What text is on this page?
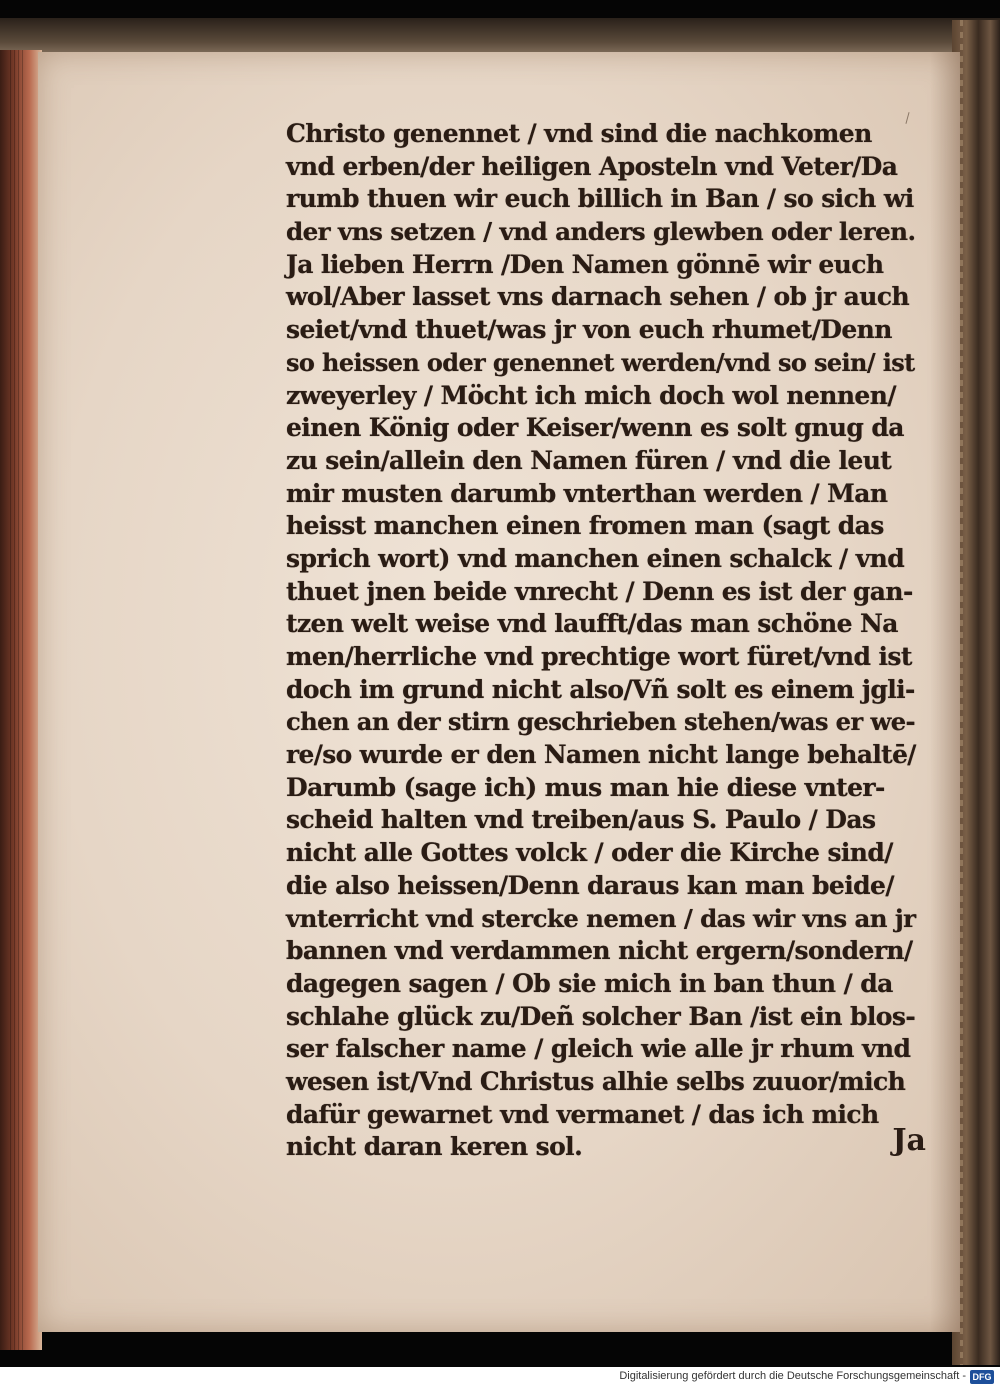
Christo genennet / vnd sind die nachkomen
vnd erben/der heiligen Aposteln vnd Veter/Da
rumb thuen wir euch billich in Ban / so sich wi
der vns setzen / vnd anders glewben oder leren.
Ja lieben Herrn /Den Namen gönnē wir euch
wol/Aber lasset vns darnach sehen / ob jr auch
seiet/vnd thuet/was jr von euch rhumet/Denn
so heissen oder genennet werden/vnd so sein/ ist
zweyerley / Möcht ich mich doch wol nennen/
einen König oder Keiser/wenn es solt gnug da
zu sein/allein den Namen füren / vnd die leut
mir musten darumb vnterthan werden / Man
heisst manchen einen fromen man (sagt das
sprich wort) vnd manchen einen schalck / vnd
thuet jnen beide vnrecht / Denn es ist der gan-
tzen welt weise vnd laufft/das man schöne Na
men/herrliche vnd prechtige wort füret/vnd ist
doch im grund nicht also/Vñ solt es einem jgli-
chen an der stirn geschrieben stehen/was er we-
re/so wurde er den Namen nicht lange behaltē/
Darumb (sage ich) mus man hie diese vnter-
scheid halten vnd treiben/aus S. Paulo / Das
nicht alle Gottes volck / oder die Kirche sind/
die also heissen/Denn daraus kan man beide/
vnterricht vnd stercke nemen / das wir vns an jr
bannen vnd verdammen nicht ergern/sondern/
dagegen sagen / Ob sie mich in ban thun / da
schlahe glück zu/Deñ solcher Ban /ist ein blos-
ser falscher name / gleich wie alle jr rhum vnd
wesen ist/Vnd Christus alhie selbs zuuor/mich
dafür gewarnet vnd vermanet / das ich mich
nicht daran keren sol.	Ja
Digitalisierung gefördert durch die Deutsche Forschungsgemeinschaft - DFG
